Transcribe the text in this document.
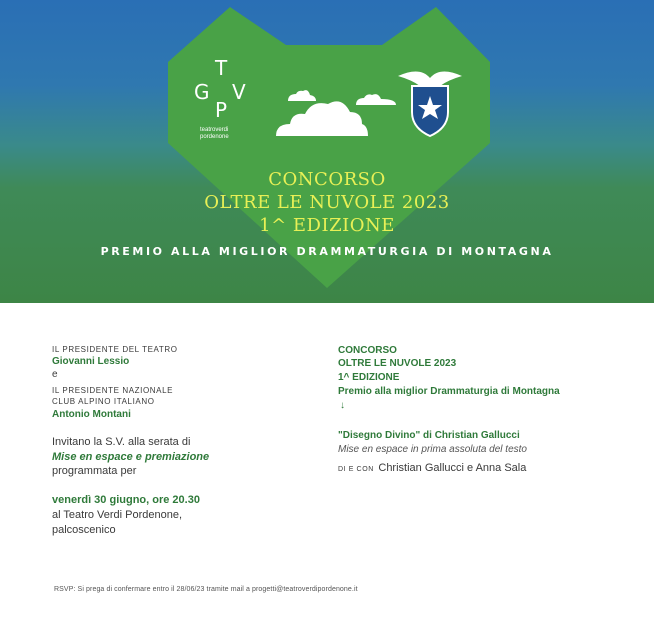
T
G V
P
teatroverdi
pordenone
CONCORSO
OLTRE LE NUVOLE 2023
1^ EDIZIONE
PREMIO ALLA MIGLIOR DRAMMATURGIA DI MONTAGNA
IL PRESIDENTE DEL TEATRO
Giovanni Lessio
e
IL PRESIDENTE NAZIONALE
CLUB ALPINO ITALIANO
Antonio Montani
Invitano la S.V. alla serata di
Mise en espace e premiazione
programmata per
venerdì 30 giugno, ore 20.30
al Teatro Verdi Pordenone,
palcoscenico
CONCORSO
OLTRE LE NUVOLE 2023
1^ EDIZIONE
Premio alla miglior Drammaturgia di Montagna
↓
"Disegno Divino" di Christian Gallucci
Mise en espace in prima assoluta del testo
DI E CON Christian Gallucci e Anna Sala
RSVP: Si prega di confermare entro il 28/06/23 tramite mail a progetti@teatroverdipordenone.it
